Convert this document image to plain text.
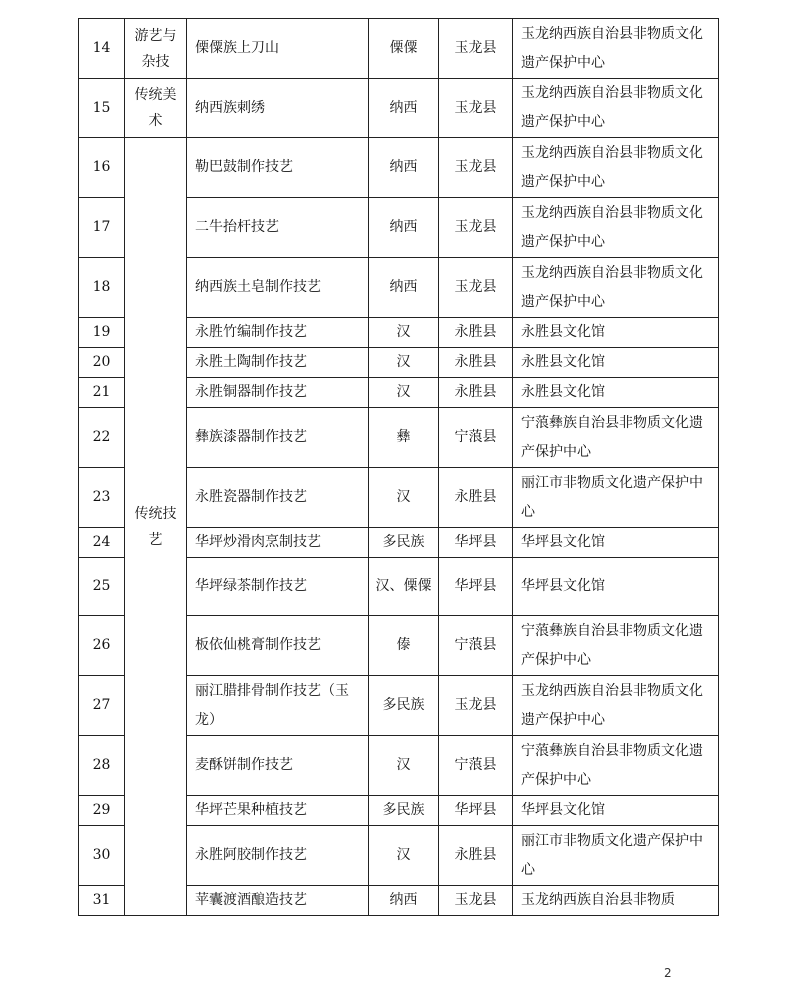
14	游艺与杂技	傈僳族上刀山	傈僳	玉龙县	玉龙纳西族自治县非物质文化遗产保护中心
15	传统美术	纳西族刺绣	纳西	玉龙县	玉龙纳西族自治县非物质文化遗产保护中心
16	传统技艺	勒巴鼓制作技艺	纳西	玉龙县	玉龙纳西族自治县非物质文化遗产保护中心
17		二牛抬杆技艺	纳西	玉龙县	玉龙纳西族自治县非物质文化遗产保护中心
18		纳西族土皂制作技艺	纳西	玉龙县	玉龙纳西族自治县非物质文化遗产保护中心
19		永胜竹编制作技艺	汉	永胜县	永胜县文化馆
20		永胜土陶制作技艺	汉	永胜县	永胜县文化馆
21		永胜铜器制作技艺	汉	永胜县	永胜县文化馆
22		彝族漆器制作技艺	彝	宁蒗县	宁蒗彝族自治县非物质文化遗产保护中心
23		永胜瓷器制作技艺	汉	永胜县	丽江市非物质文化遗产保护中心
24		华坪炒滑肉烹制技艺	多民族	华坪县	华坪县文化馆
25		华坪绿茶制作技艺	汉、傈僳	华坪县	华坪县文化馆
26		板依仙桃膏制作技艺	傣	宁蒗县	宁蒗彝族自治县非物质文化遗产保护中心
27		丽江腊排骨制作技艺（玉龙）	多民族	玉龙县	玉龙纳西族自治县非物质文化遗产保护中心
28		麦酥饼制作技艺	汉	宁蒗县	宁蒗彝族自治县非物质文化遗产保护中心
29		华坪芒果种植技艺	多民族	华坪县	华坪县文化馆
30		永胜阿胶制作技艺	汉	永胜县	丽江市非物质文化遗产保护中心
31		苹囊渡酒酿造技艺	纳西	玉龙县	玉龙纳西族自治县非物质
2
